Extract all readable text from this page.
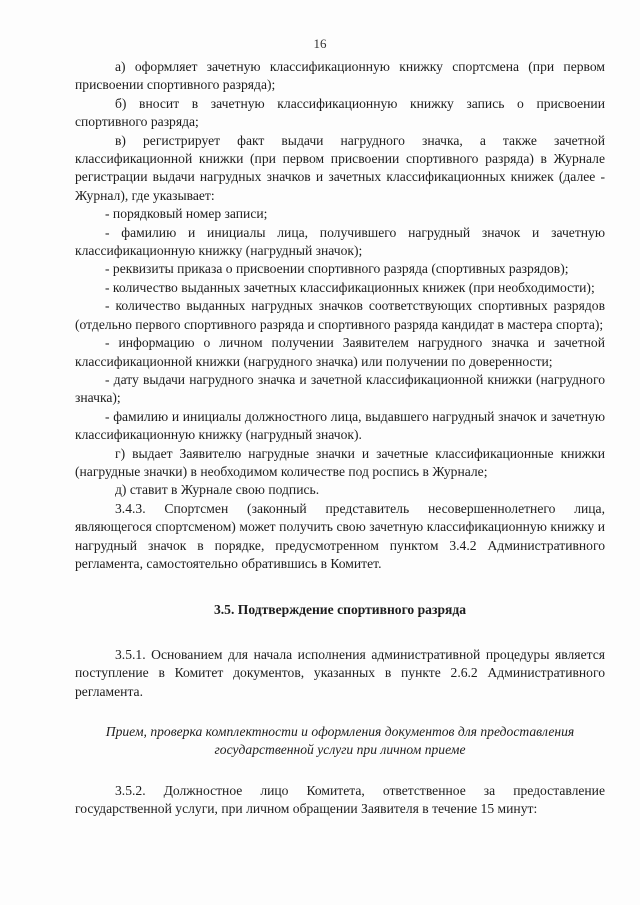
16

а) оформляет зачетную классификационную книжку спортсмена (при первом присвоении спортивного разряда);

б) вносит в зачетную классификационную книжку запись о присвоении спортивного разряда;

в) регистрирует факт выдачи нагрудного значка, а также зачетной классификационной книжки (при первом присвоении спортивного разряда) в Журнале регистрации выдачи нагрудных значков и зачетных классификационных книжек (далее - Журнал), где указывает:

- порядковый номер записи;

- фамилию и инициалы лица, получившего нагрудный значок и зачетную классификационную книжку (нагрудный значок);

- реквизиты приказа о присвоении спортивного разряда (спортивных разрядов);

- количество выданных зачетных классификационных книжек (при необходимости);

- количество выданных нагрудных значков соответствующих спортивных разрядов (отдельно первого спортивного разряда и спортивного разряда кандидат в мастера спорта);

- информацию о личном получении Заявителем нагрудного значка и зачетной классификационной книжки (нагрудного значка) или получении по доверенности;

- дату выдачи нагрудного значка и зачетной классификационной книжки (нагрудного значка);

- фамилию и инициалы должностного лица, выдавшего нагрудный значок и зачетную классификационную книжку (нагрудный значок).

г) выдает Заявителю нагрудные значки и зачетные классификационные книжки (нагрудные значки) в необходимом количестве под роспись в Журнале;

д) ставит в Журнале свою подпись.

3.4.3. Спортсмен (законный представитель несовершеннолетнего лица, являющегося спортсменом) может получить свою зачетную классификационную книжку и нагрудный значок в порядке, предусмотренном пунктом 3.4.2 Административного регламента, самостоятельно обратившись в Комитет.

3.5. Подтверждение спортивного разряда

3.5.1. Основанием для начала исполнения административной процедуры является поступление в Комитет документов, указанных в пункте 2.6.2 Административного регламента.

Прием, проверка комплектности и оформления документов для предоставления государственной услуги при личном приеме

3.5.2. Должностное лицо Комитета, ответственное за предоставление государственной услуги, при личном обращении Заявителя в течение 15 минут:
